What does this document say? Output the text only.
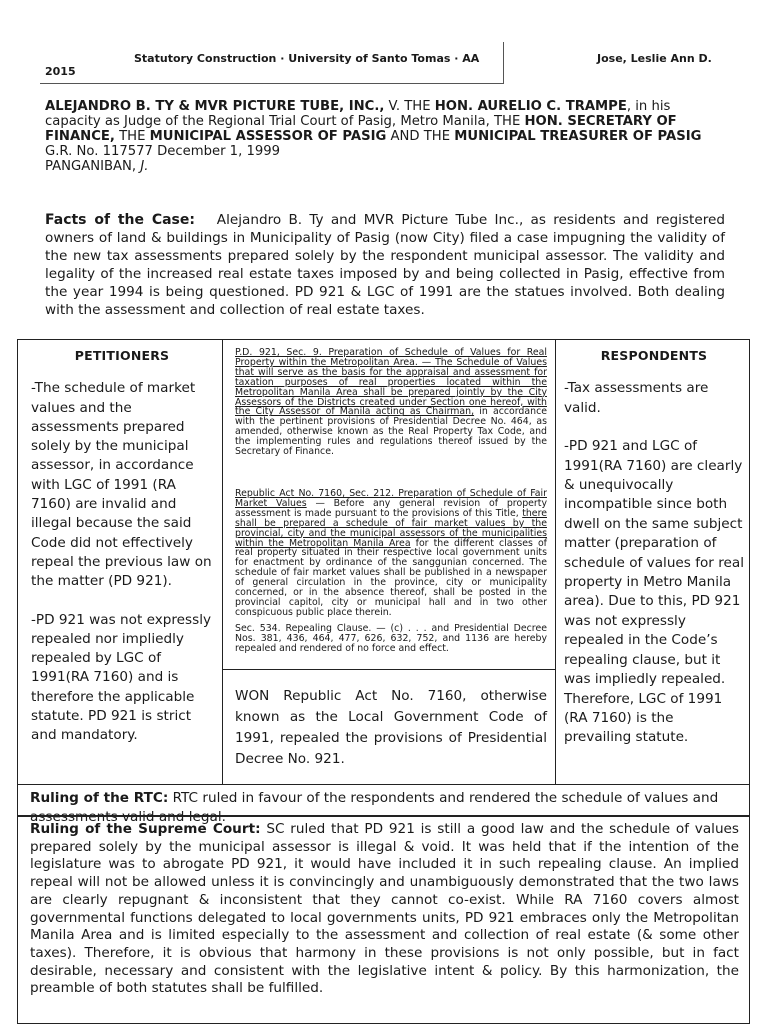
Statutory Construction · University of Santo Tomas · AA
2015
Jose, Leslie Ann D.
ALEJANDRO B. TY & MVR PICTURE TUBE, INC., V. THE HON. AURELIO C. TRAMPE, in his capacity as Judge of the Regional Trial Court of Pasig, Metro Manila, THE HON. SECRETARY OF FINANCE, THE MUNICIPAL ASSESSOR OF PASIG AND THE MUNICIPAL TREASURER OF PASIG
G.R. No. 117577 December 1, 1999
PANGANIBAN, J.
Facts of the Case: Alejandro B. Ty and MVR Picture Tube Inc., as residents and registered owners of land & buildings in Municipality of Pasig (now City) filed a case impugning the validity of the new tax assessments prepared solely by the respondent municipal assessor. The validity and legality of the increased real estate taxes imposed by and being collected in Pasig, effective from the year 1994 is being questioned. PD 921 & LGC of 1991 are the statues involved. Both dealing with the assessment and collection of real estate taxes.
PETITIONERS

-The schedule of market values and the assessments prepared solely by the municipal assessor, in accordance with LGC of 1991 (RA 7160) are invalid and illegal because the said Code did not effectively repeal the previous law on the matter (PD 921).

-PD 921 was not expressly repealed nor impliedly repealed by LGC of 1991(RA 7160) and is therefore the applicable statute. PD 921 is strict and mandatory.

P.D. 921, Sec. 9. Preparation of Schedule of Values for Real Property within the Metropolitan Area. — The Schedule of Values that will serve as the basis for the appraisal and assessment for taxation purposes of real properties located within the Metropolitan Manila Area shall be prepared jointly by the City Assessors of the Districts created under Section one hereof, with the City Assessor of Manila acting as Chairman, in accordance with the pertinent provisions of Presidential Decree No. 464, as amended, otherwise known as the Real Property Tax Code, and the implementing rules and regulations thereof issued by the Secretary of Finance.
Republic Act No. 7160, Sec. 212. Preparation of Schedule of Fair Market Values — Before any general revision of property assessment is made pursuant to the provisions of this Title, there shall be prepared a schedule of fair market values by the provincial, city and the municipal assessors of the municipalities within the Metropolitan Manila Area for the different classes of real property situated in their respective local government units for enactment by ordinance of the sanggunian concerned. The schedule of fair market values shall be published in a newspaper of general circulation in the province, city or municipality concerned, or in the absence thereof, shall be posted in the provincial capitol, city or municipal hall and in two other conspicuous public place therein.
Sec. 534. Repealing Clause. — (c) . . . and Presidential Decree Nos. 381, 436, 464, 477, 626, 632, 752, and 1136 are hereby repealed and rendered of no force and effect.
WON Republic Act No. 7160, otherwise known as the Local Government Code of 1991, repealed the provisions of Presidential Decree No. 921.
RESPONDENTS

-Tax assessments are valid.

-PD 921 and LGC of 1991(RA 7160) are clearly & unequivocally incompatible since both dwell on the same subject matter (preparation of schedule of values for real property in Metro Manila area). Due to this, PD 921 was not expressly repealed in the Code’s repealing clause, but it was impliedly repealed. Therefore, LGC of 1991 (RA 7160) is the prevailing statute.

Ruling of the RTC: RTC ruled in favour of the respondents and rendered the schedule of values and assessments valid and legal.
Ruling of the Supreme Court: SC ruled that PD 921 is still a good law and the schedule of values prepared solely by the municipal assessor is illegal & void. It was held that if the intention of the legislature was to abrogate PD 921, it would have included it in such repealing clause. An implied repeal will not be allowed unless it is convincingly and unambiguously demonstrated that the two laws are clearly repugnant & inconsistent that they cannot co-exist. While RA 7160 covers almost governmental functions delegated to local governments units, PD 921 embraces only the Metropolitan Manila Area and is limited especially to the assessment and collection of real estate (& some other taxes). Therefore, it is obvious that harmony in these provisions is not only possible, but in fact desirable, necessary and consistent with the legislative intent & policy. By this harmonization, the preamble of both statutes shall be fulfilled.
